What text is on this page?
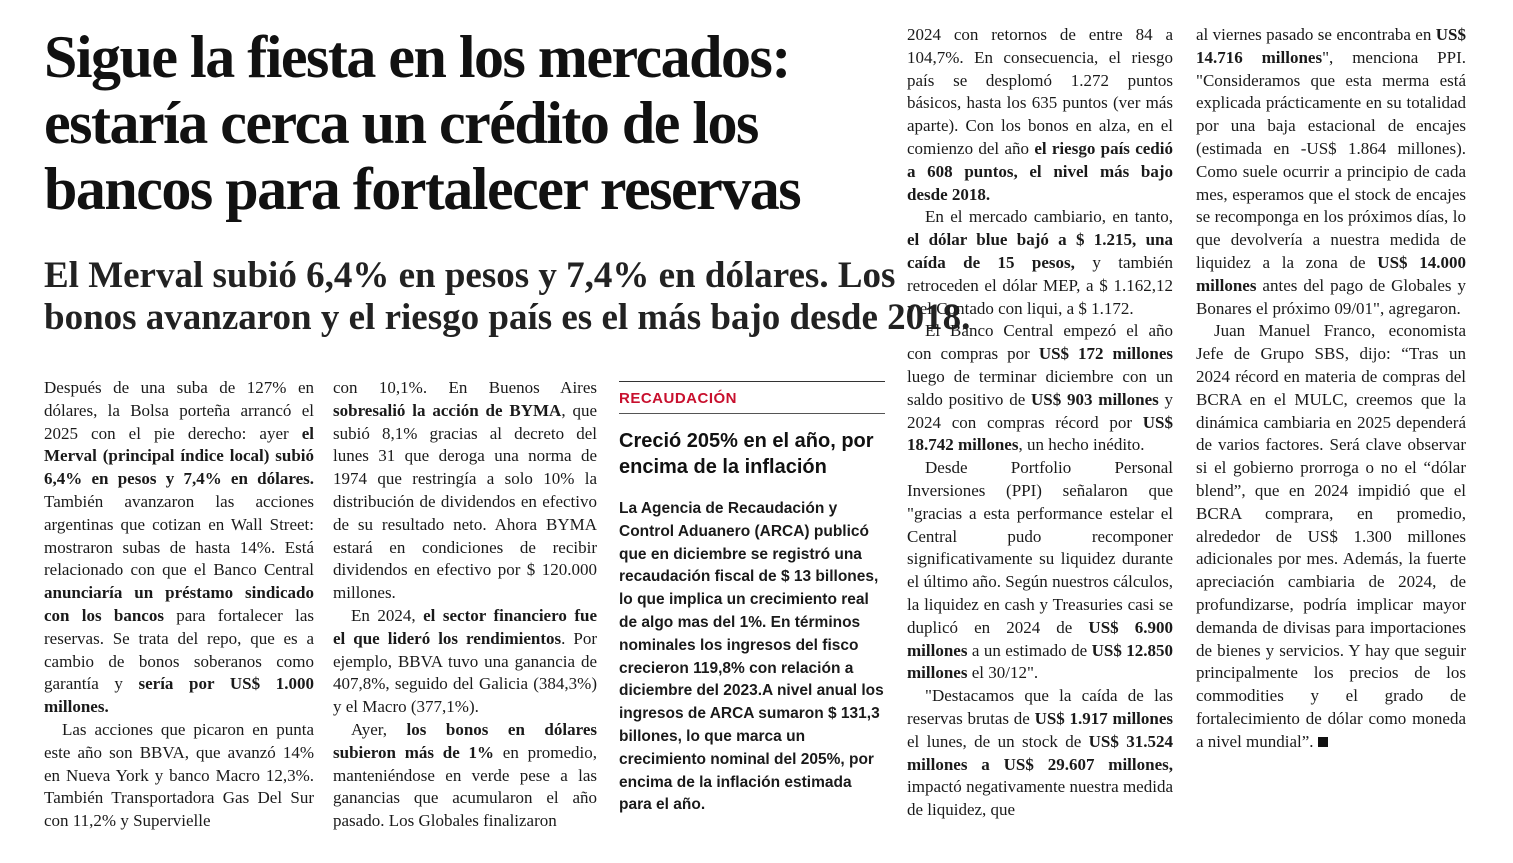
Sigue la fiesta en los mercados:
estaría cerca un crédito de los
bancos para fortalecer reservas
El Merval subió 6,4% en pesos y 7,4% en dólares. Los
bonos avanzaron y el riesgo país es el más bajo desde 2018.

Después de una suba de 127% en dólares, la Bolsa porteña arrancó el 2025 con el pie derecho: ayer el Merval (principal índice local) subió 6,4% en pesos y 7,4% en dólares. También avanzaron las acciones argentinas que cotizan en Wall Street: mostraron subas de hasta 14%. Está relacionado con que el Banco Central anunciaría un préstamo sindicado con los bancos para fortalecer las reservas. Se trata del repo, que es a cambio de bonos soberanos como garantía y sería por US$ 1.000 millones.

Las acciones que picaron en punta este año son BBVA, que avanzó 14% en Nueva York y banco Macro 12,3%. También Transportadora Gas Del Sur con 11,2% y Supervielle

con 10,1%. En Buenos Aires sobresalió la acción de BYMA, que subió 8,1% gracias al decreto del lunes 31 que deroga una norma de 1974 que restringía a solo 10% la distribución de dividendos en efectivo de su resultado neto. Ahora BYMA estará en condiciones de recibir dividendos en efectivo por $ 120.000 millones.

En 2024, el sector financiero fue el que lideró los rendimientos. Por ejemplo, BBVA tuvo una ganancia de 407,8%, seguido del Galicia (384,3%) y el Macro (377,1%).

Ayer, los bonos en dólares subieron más de 1% en promedio, manteniéndose en verde pese a las ganancias que acumularon el año pasado. Los Globales finalizaron

RECAUDACIÓN
Creció 205% en el año, por encima de la inflación

La Agencia de Recaudación y Control Aduanero (ARCA) publicó que en diciembre se registró una recaudación fiscal de $ 13 billones, lo que implica un crecimiento real de algo mas del 1%. En términos nominales los ingresos del fisco crecieron 119,8% con relación a diciembre del 2023.A nivel anual los ingresos de ARCA sumaron $ 131,3 billones, lo que marca un crecimiento nominal del 205%, por encima de la inflación estimada para el año.

2024 con retornos de entre 84 a 104,7%. En consecuencia, el riesgo país se desplomó 1.272 puntos básicos, hasta los 635 puntos (ver más aparte). Con los bonos en alza, en el comienzo del año el riesgo país cedió a 608 puntos, el nivel más bajo desde 2018.

En el mercado cambiario, en tanto, el dólar blue bajó a $ 1.215, una caída de 15 pesos, y también retroceden el dólar MEP, a $ 1.162,12 y el Contado con liqui, a $ 1.172.

El Banco Central empezó el año con compras por US$ 172 millones luego de terminar diciembre con un saldo positivo de US$ 903 millones y 2024 con compras récord por US$ 18.742 millones, un hecho inédito.

Desde Portfolio Personal Inversiones (PPI) señalaron que "gracias a esta performance estelar el Central pudo recomponer significativamente su liquidez durante el último año. Según nuestros cálculos, la liquidez en cash y Treasuries casi se duplicó en 2024 de US$ 6.900 millones a un estimado de US$ 12.850 millones el 30/12".

"Destacamos que la caída de las reservas brutas de US$ 1.917 millones el lunes, de un stock de US$ 31.524 millones a US$ 29.607 millones, impactó negativamente nuestra medida de liquidez, que

al viernes pasado se encontraba en US$ 14.716 millones", menciona PPI. "Consideramos que esta merma está explicada prácticamente en su totalidad por una baja estacional de encajes (estimada en -US$ 1.864 millones). Como suele ocurrir a principio de cada mes, esperamos que el stock de encajes se recomponga en los próximos días, lo que devolvería a nuestra medida de liquidez a la zona de US$ 14.000 millones antes del pago de Globales y Bonares el próximo 09/01", agregaron.

Juan Manuel Franco, economista Jefe de Grupo SBS, dijo: “Tras un 2024 récord en materia de compras del BCRA en el MULC, creemos que la dinámica cambiaria en 2025 dependerá de varios factores. Será clave observar si el gobierno prorroga o no el “dólar blend”, que en 2024 impidió que el BCRA comprara, en promedio, alrededor de US$ 1.300 millones adicionales por mes. Además, la fuerte apreciación cambiaria de 2024, de profundizarse, podría implicar mayor demanda de divisas para importaciones de bienes y servicios. Y hay que seguir principalmente los precios de los commodities y el grado de fortalecimiento de dólar como moneda a nivel mundial”.
